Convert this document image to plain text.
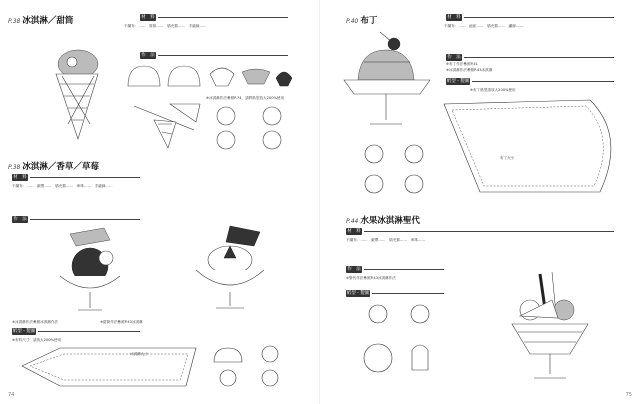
P.38 冰淇淋／甜筒	材　料
不織布：……　厚紙……　填充棉……　手縫線……
作　法
※冰淇淋作法參照P.74，請將紙型放大200%使用
P.38 冰淇淋／香草／草莓
材　料
不織布：……　緞帶……　填充棉……　串珠……　手縫線……
作　法
※冰淇淋作法參照冰淇淋作法	※甜筒作法參照P.43冰淇淋
紙型・製圖
※布料尺寸　請放大200%使用
冰淇淋大小
74
P.40 布丁	材　料
不織布：……　鈕釦……　填充棉……　繡線……
作　法
※布丁作法參照P.41
※冰淇淋作法參照P.43冰淇淋
紙型・製圖
※布丁紙型請放大200%使用
布丁大小
P.44 水果冰淇淋聖代
材　料
不織布：……　緞帶……　填充棉……　串珠……
作　法
※聖代作法參照P.43冰淇淋作法
紙型・製圖
75
